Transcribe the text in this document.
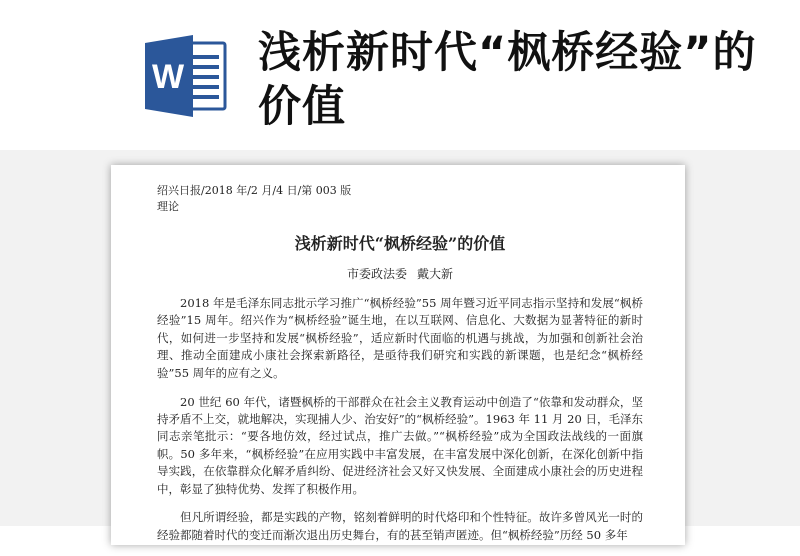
W 浅析新时代“枫桥经验”的价值
绍兴日报/2018 年/2 月/4 日/第 003 版
理论
浅析新时代“枫桥经验”的价值
市委政法委 戴大新

2018 年是毛泽东同志批示学习推广“枫桥经验”55 周年暨习近平同志指示坚持和发展“枫桥经验”15 周年。绍兴作为“枫桥经验”诞生地，在以互联网、信息化、大数据为显著特征的新时代，如何进一步坚持和发展“枫桥经验”，适应新时代面临的机遇与挑战，为加强和创新社会治理、推动全面建成小康社会探索新路径，是亟待我们研究和实践的新课题，也是纪念“枫桥经验”55 周年的应有之义。

20 世纪 60 年代，诸暨枫桥的干部群众在社会主义教育运动中创造了“依靠和发动群众，坚持矛盾不上交，就地解决，实现捕人少、治安好”的“枫桥经验”。1963 年 11 月 20 日，毛泽东同志亲笔批示：“要各地仿效，经过试点，推广去做。”“枫桥经验”成为全国政法战线的一面旗帜。50 多年来，“枫桥经验”在应用实践中丰富发展，在丰富发展中深化创新，在深化创新中指导实践，在依靠群众化解矛盾纠纷、促进经济社会又好又快发展、全面建成小康社会的历史进程中，彰显了独特优势、发挥了积极作用。

但凡所谓经验，都是实践的产物，铭刻着鲜明的时代烙印和个性特征。故许多曾风光一时的经验都随着时代的变迁而渐次退出历史舞台，有的甚至销声匿迹。但“枫桥经验”历经 50 多年
